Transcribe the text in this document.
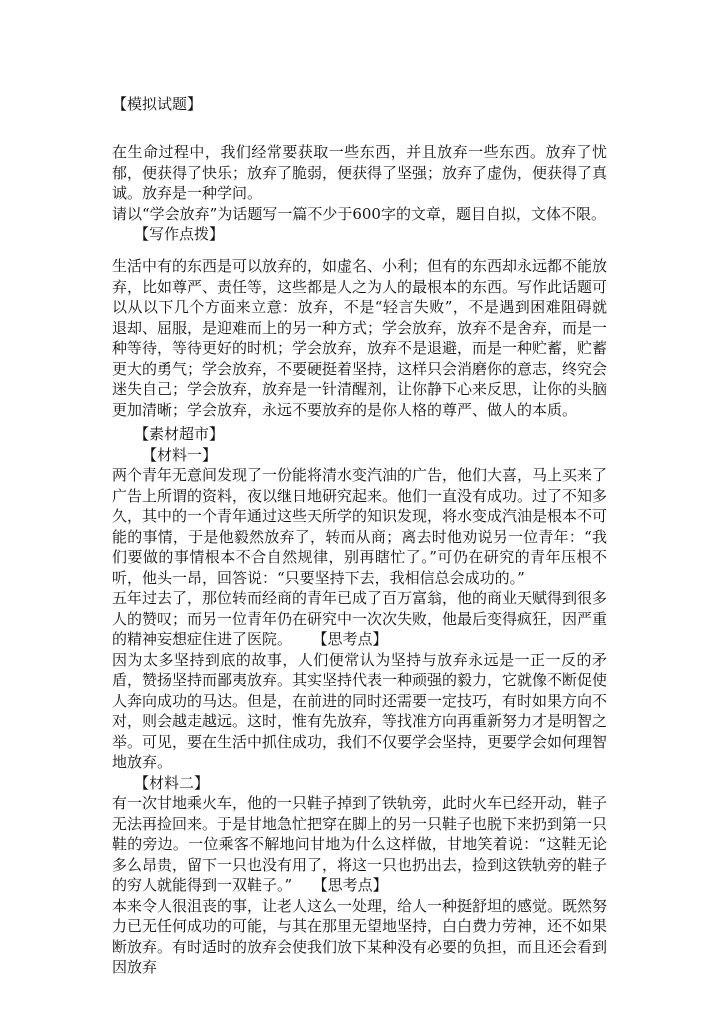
【模拟试题】

在生命过程中，我们经常要获取一些东西，并且放弃一些东西。放弃了忧郁，便获得了快乐；放弃了脆弱，便获得了坚强；放弃了虚伪，便获得了真诚。放弃是一种学问。

请以“学会放弃”为话题写一篇不少于600字的文章，题目自拟，文体不限。

【写作点拨】

生活中有的东西是可以放弃的，如虚名、小利；但有的东西却永远都不能放弃，比如尊严、责任等，这些都是人之为人的最根本的东西。写作此话题可以从以下几个方面来立意：放弃，不是“轻言失败”，不是遇到困难阻碍就退却、屈服，是迎难而上的另一种方式；学会放弃，放弃不是舍弃，而是一种等待，等待更好的时机；学会放弃，放弃不是退避，而是一种贮蓄，贮蓄更大的勇气；学会放弃，不要硬挺着坚持，这样只会消磨你的意志，终究会迷失自己；学会放弃，放弃是一针清醒剂，让你静下心来反思，让你的头脑更加清晰；学会放弃，永远不要放弃的是你人格的尊严、做人的本质。

【素材超市】

【材料一】

两个青年无意间发现了一份能将清水变汽油的广告，他们大喜，马上买来了广告上所谓的资料，夜以继日地研究起来。他们一直没有成功。过了不知多久，其中的一个青年通过这些天所学的知识发现，将水变成汽油是根本不可能的事情，于是他毅然放弃了，转而从商；离去时他劝说另一位青年：“我们要做的事情根本不合自然规律，别再瞎忙了。”可仍在研究的青年压根不听，他头一昂，回答说：“只要坚持下去，我相信总会成功的。”

五年过去了，那位转而经商的青年已成了百万富翁，他的商业天赋得到很多人的赞叹；而另一位青年仍在研究中一次次失败，他最后变得疯狂，因严重的精神妄想症住进了医院。 【思考点】

因为太多坚持到底的故事，人们便常认为坚持与放弃永远是一正一反的矛盾，赞扬坚持而鄙夷放弃。其实坚持代表一种顽强的毅力，它就像不断促使人奔向成功的马达。但是，在前进的同时还需要一定技巧，有时如果方向不对，则会越走越远。这时，惟有先放弃，等找准方向再重新努力才是明智之举。可见，要在生活中抓住成功，我们不仅要学会坚持，更要学会如何理智地放弃。

【材料二】

有一次甘地乘火车，他的一只鞋子掉到了铁轨旁，此时火车已经开动，鞋子无法再捡回来。于是甘地急忙把穿在脚上的另一只鞋子也脱下来扔到第一只鞋的旁边。一位乘客不解地问甘地为什么这样做，甘地笑着说：“这鞋无论多么昂贵，留下一只也没有用了，将这一只也扔出去，捡到这铁轨旁的鞋子的穷人就能得到一双鞋子。” 【思考点】

本来令人很沮丧的事，让老人这么一处理，给人一种挺舒坦的感觉。既然努力已无任何成功的可能，与其在那里无望地坚持，白白费力劳神，还不如果断放弃。有时适时的放弃会使我们放下某种没有必要的负担，而且还会看到因放弃
